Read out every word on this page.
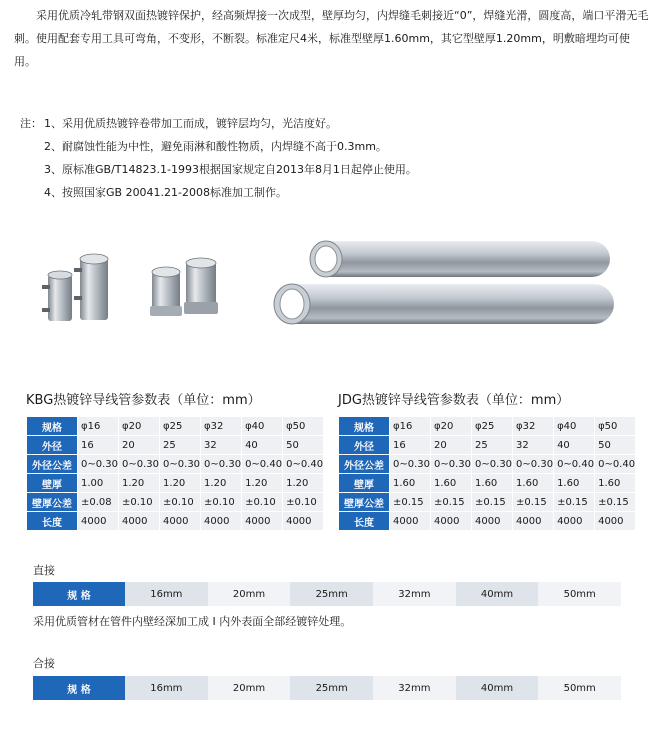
采用优质冷轧带钢双面热镀锌保护，经高频焊接一次成型，壁厚均匀，内焊缝毛刺接近“0”，焊缝光滑，圆度高，端口平滑无毛刺。使用配套专用工具可弯角，不变形，不断裂。标准定尺4米，标准型壁厚1.60mm，其它型壁厚1.20mm，明敷暗埋均可使用。

注： 1、采用优质热镀锌卷带加工而成，镀锌层均匀，光洁度好。
2、耐腐蚀性能为中性，避免雨淋和酸性物质，内焊缝不高于0.3mm。
3、原标准GB/T14823.1-1993根据国家规定自2013年8月1日起停止使用。
4、按照国家GB 20041.21-2008标准加工制作。
KBG热镀锌导线管参数表（单位：mm）
规格	φ16	φ20	φ25	φ32	φ40	φ50
外径	16	20	25	32	40	50
外径公差	0~0.30	0~0.30	0~0.30	0~0.30	0~0.40	0~0.40
壁厚	1.00	1.20	1.20	1.20	1.20	1.20
壁厚公差	±0.08	±0.10	±0.10	±0.10	±0.10	±0.10
长度	4000	4000	4000	4000	4000	4000
JDG热镀锌导线管参数表（单位：mm）
规格	φ16	φ20	φ25	φ32	φ40	φ50
外径	16	20	25	32	40	50
外径公差	0~0.30	0~0.30	0~0.30	0~0.30	0~0.40	0~0.40
壁厚	1.60	1.60	1.60	1.60	1.60	1.60
壁厚公差	±0.15	±0.15	±0.15	±0.15	±0.15	±0.15
长度	4000	4000	4000	4000	4000	4000
直接
规 格	16mm	20mm	25mm	32mm	40mm	50mm
采用优质管材在管件内壁经深加工成 I 内外表面全部经镀锌处理。
合接
规 格	16mm	20mm	25mm	32mm	40mm	50mm
